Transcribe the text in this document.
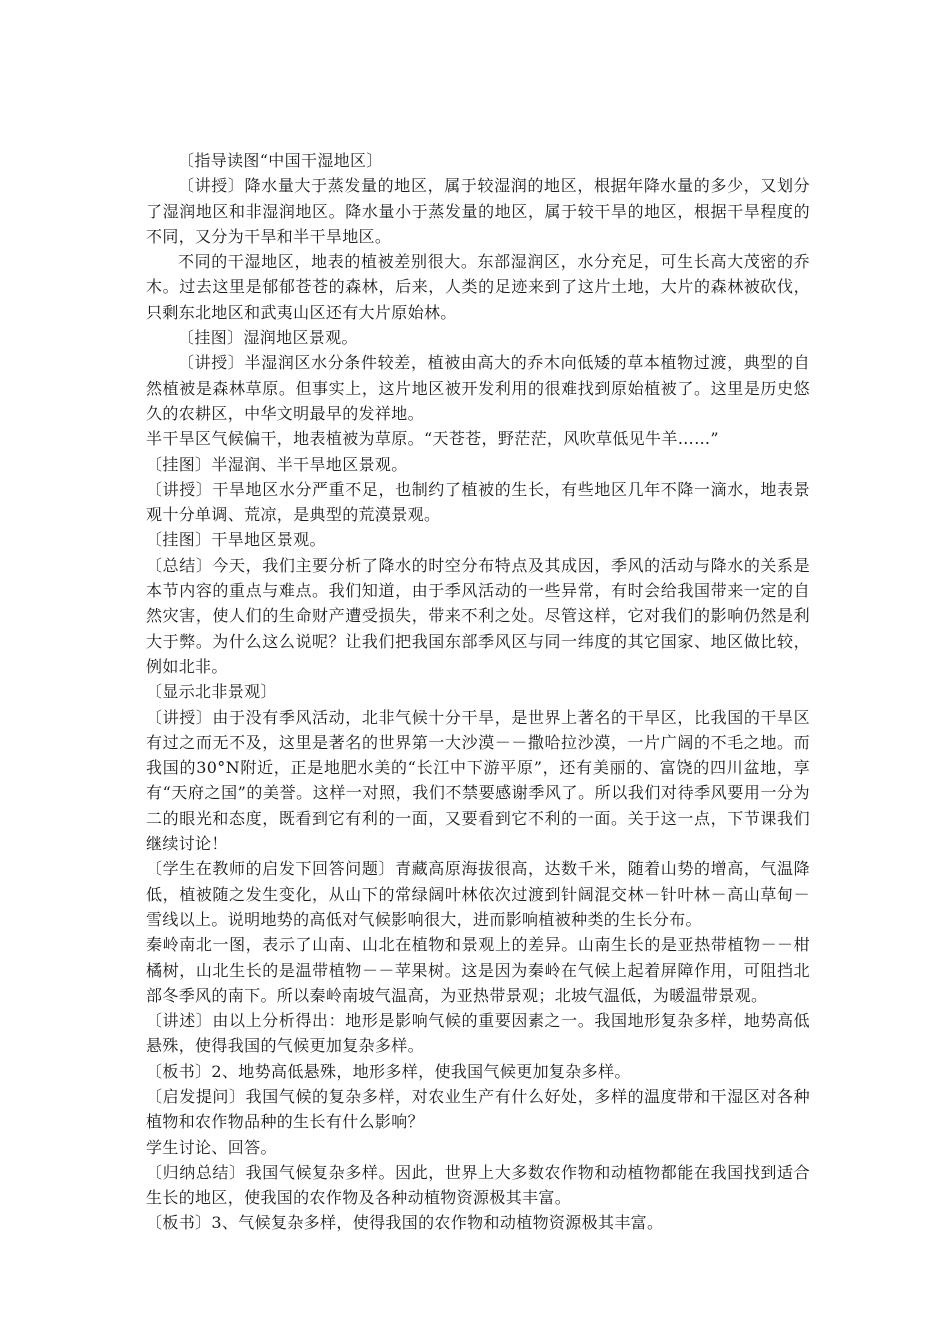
〔指导读图“中国干湿地区〕

〔讲授〕降水量大于蒸发量的地区，属于较湿润的地区，根据年降水量的多少，又划分了湿润地区和非湿润地区。降水量小于蒸发量的地区，属于较干旱的地区，根据干旱程度的不同，又分为干旱和半干旱地区。

不同的干湿地区，地表的植被差别很大。东部湿润区，水分充足，可生长高大茂密的乔木。过去这里是郁郁苍苍的森林，后来，人类的足迹来到了这片土地，大片的森林被砍伐，只剩东北地区和武夷山区还有大片原始林。

〔挂图〕湿润地区景观。

〔讲授〕半湿润区水分条件较差，植被由高大的乔木向低矮的草本植物过渡，典型的自然植被是森林草原。但事实上，这片地区被开发利用的很难找到原始植被了。这里是历史悠久的农耕区，中华文明最早的发祥地。

半干旱区气候偏干，地表植被为草原。“天苍苍，野茫茫，风吹草低见牛羊……”

〔挂图〕半湿润、半干旱地区景观。

〔讲授〕干旱地区水分严重不足，也制约了植被的生长，有些地区几年不降一滴水，地表景观十分单调、荒凉，是典型的荒漠景观。

〔挂图〕干旱地区景观。

〔总结〕今天，我们主要分析了降水的时空分布特点及其成因，季风的活动与降水的关系是本节内容的重点与难点。我们知道，由于季风活动的一些异常，有时会给我国带来一定的自然灾害，使人们的生命财产遭受损失，带来不利之处。尽管这样，它对我们的影响仍然是利大于弊。为什么这么说呢？让我们把我国东部季风区与同一纬度的其它国家、地区做比较，例如北非。

〔显示北非景观〕

〔讲授〕由于没有季风活动，北非气候十分干旱，是世界上著名的干旱区，比我国的干旱区有过之而无不及，这里是著名的世界第一大沙漠－－撒哈拉沙漠，一片广阔的不毛之地。而我国的30°N附近，正是地肥水美的“长江中下游平原”，还有美丽的、富饶的四川盆地，享有“天府之国”的美誉。这样一对照，我们不禁要感谢季风了。所以我们对待季风要用一分为二的眼光和态度，既看到它有利的一面，又要看到它不利的一面。关于这一点，下节课我们继续讨论！

〔学生在教师的启发下回答问题〕青藏高原海拔很高，达数千米，随着山势的增高，气温降低，植被随之发生变化，从山下的常绿阔叶林依次过渡到针阔混交林－针叶林－高山草甸－雪线以上。说明地势的高低对气候影响很大，进而影响植被种类的生长分布。

秦岭南北一图，表示了山南、山北在植物和景观上的差异。山南生长的是亚热带植物－－柑橘树，山北生长的是温带植物－－苹果树。这是因为秦岭在气候上起着屏障作用，可阻挡北部冬季风的南下。所以秦岭南坡气温高，为亚热带景观；北坡气温低，为暖温带景观。

〔讲述〕由以上分析得出：地形是影响气候的重要因素之一。我国地形复杂多样，地势高低悬殊，使得我国的气候更加复杂多样。

〔板书〕2、地势高低悬殊，地形多样，使我国气候更加复杂多样。

〔启发提问〕我国气候的复杂多样，对农业生产有什么好处，多样的温度带和干湿区对各种植物和农作物品种的生长有什么影响？

学生讨论、回答。

〔归纳总结〕我国气候复杂多样。因此，世界上大多数农作物和动植物都能在我国找到适合生长的地区，使我国的农作物及各种动植物资源极其丰富。

〔板书〕3、气候复杂多样，使得我国的农作物和动植物资源极其丰富。
